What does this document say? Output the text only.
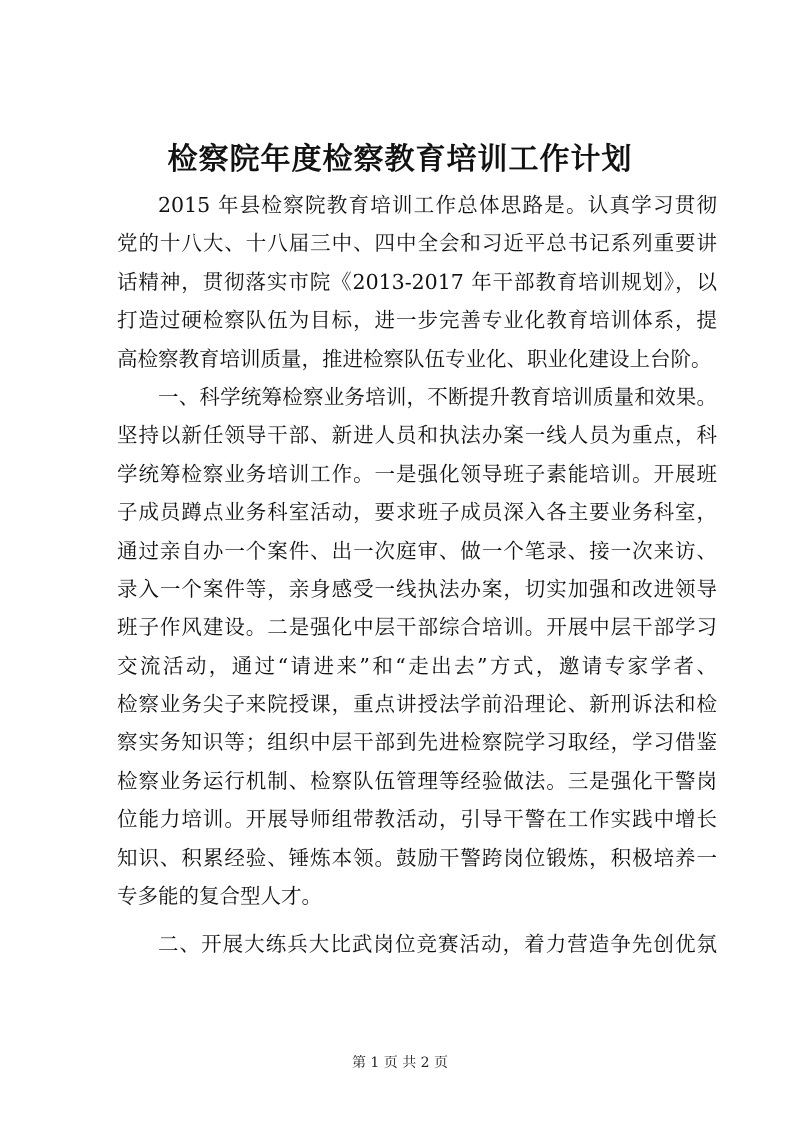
检察院年度检察教育培训工作计划
2015 年县检察院教育培训工作总体思路是。认真学习贯彻
党的十八大、十八届三中、四中全会和习近平总书记系列重要讲
话精神，贯彻落实市院《2013-2017 年干部教育培训规划》，以
打造过硬检察队伍为目标，进一步完善专业化教育培训体系，提
高检察教育培训质量，推进检察队伍专业化、职业化建设上台阶。
一、科学统筹检察业务培训，不断提升教育培训质量和效果。
坚持以新任领导干部、新进人员和执法办案一线人员为重点，科
学统筹检察业务培训工作。一是强化领导班子素能培训。开展班
子成员蹲点业务科室活动，要求班子成员深入各主要业务科室，
通过亲自办一个案件、出一次庭审、做一个笔录、接一次来访、
录入一个案件等，亲身感受一线执法办案，切实加强和改进领导
班子作风建设。二是强化中层干部综合培训。开展中层干部学习
交流活动，通过“请进来”和“走出去”方式，邀请专家学者、
检察业务尖子来院授课，重点讲授法学前沿理论、新刑诉法和检
察实务知识等；组织中层干部到先进检察院学习取经，学习借鉴
检察业务运行机制、检察队伍管理等经验做法。三是强化干警岗
位能力培训。开展导师组带教活动，引导干警在工作实践中增长
知识、积累经验、锤炼本领。鼓励干警跨岗位锻炼，积极培养一
专多能的复合型人才。
二、开展大练兵大比武岗位竞赛活动，着力营造争先创优氛
第 1 页 共 2 页
